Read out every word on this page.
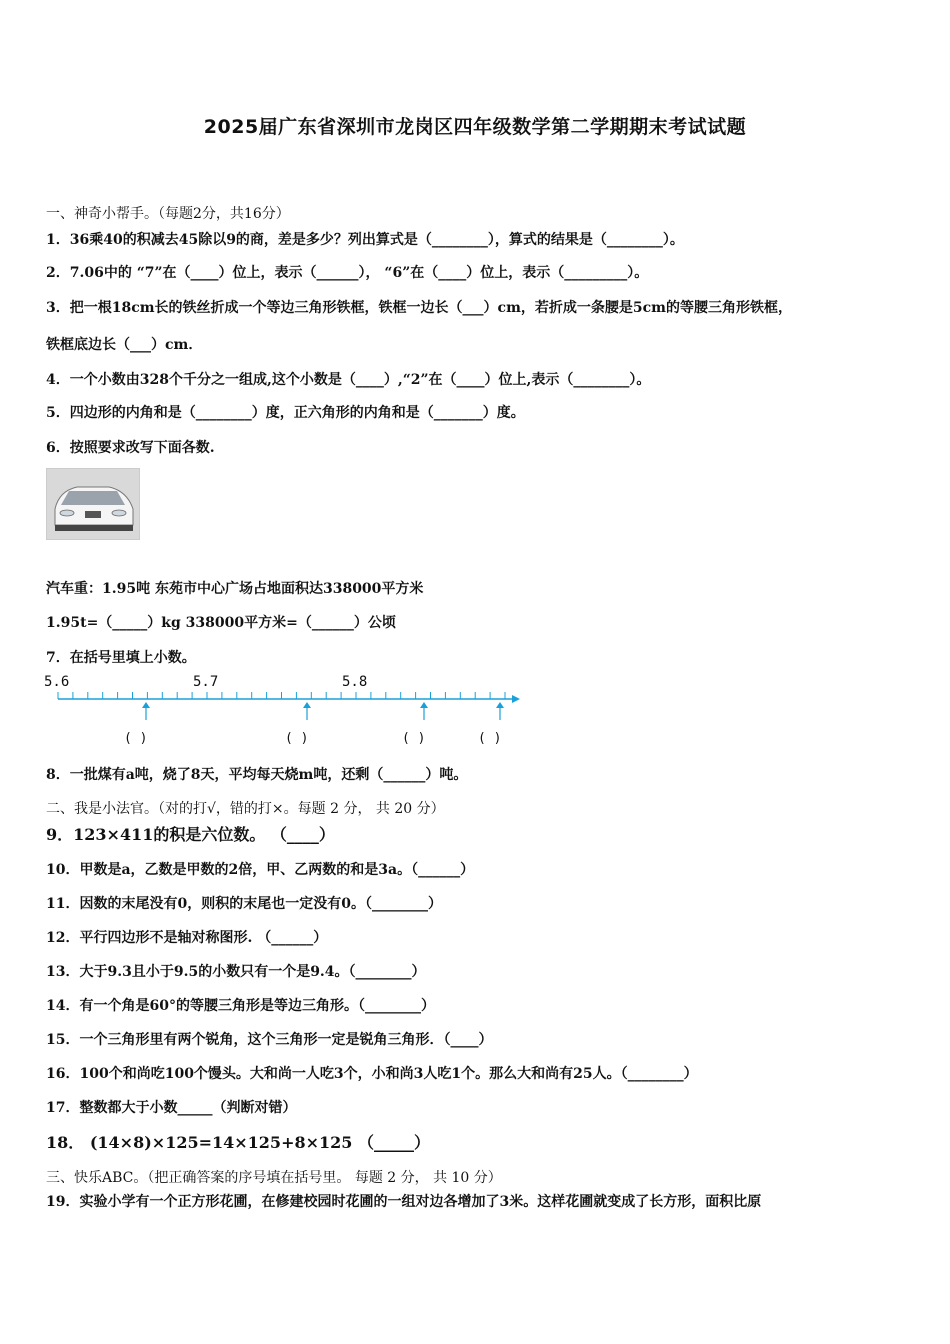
2025届广东省深圳市龙岗区四年级数学第二学期期末考试试题
一、神奇小帮手。（每题2分，共16分）
1．36乘40的积减去45除以9的商，差是多少？列出算式是（________），算式的结果是（________）。
2．7.06中的 “7”在（____）位上，表示（______）， “6”在（____）位上，表示（_________）。
3．把一根18cm长的铁丝折成一个等边三角形铁框，铁框一边长（___）cm，若折成一条腰是5cm的等腰三角形铁框，
铁框底边长（___）cm．
4．一个小数由328个千分之一组成,这个小数是（____）,“2”在（____）位上,表示（________）。
5．四边形的内角和是（________）度，正六角形的内角和是（_______）度。
6．按照要求改写下面各数.
汽车重：1.95吨 东苑市中心广场占地面积达338000平方米
1.95t=（_____）kg 338000平方米=（______）公顷
7．在括号里填上小数。
5.6	5.7	5.8
( )	( )	( )	( )
8．一批煤有a吨，烧了8天，平均每天烧m吨，还剩（______）吨。
二、我是小法官。（对的打√，错的打×。每题 2 分， 共 20 分）
9．123×411的积是六位数。 （____）
10．甲数是a，乙数是甲数的2倍，甲、乙两数的和是3a。（______）
11．因数的末尾没有0，则积的末尾也一定没有0。（________）
12．平行四边形不是轴对称图形. （______）
13．大于9.3且小于9.5的小数只有一个是9.4。（________）
14．有一个角是60°的等腰三角形是等边三角形。（________）
15．一个三角形里有两个锐角，这个三角形一定是锐角三角形．（____）
16．100个和尚吃100个馒头。大和尚一人吃3个，小和尚3人吃1个。那么大和尚有25人。（________）
17．整数都大于小数_____（判断对错）
18． (14×8)×125=14×125+8×125 （_____）
三、快乐ABC。（把正确答案的序号填在括号里。 每题 2 分， 共 10 分）
19．实验小学有一个正方形花圃，在修建校园时花圃的一组对边各增加了3米。这样花圃就变成了长方形，面积比原
